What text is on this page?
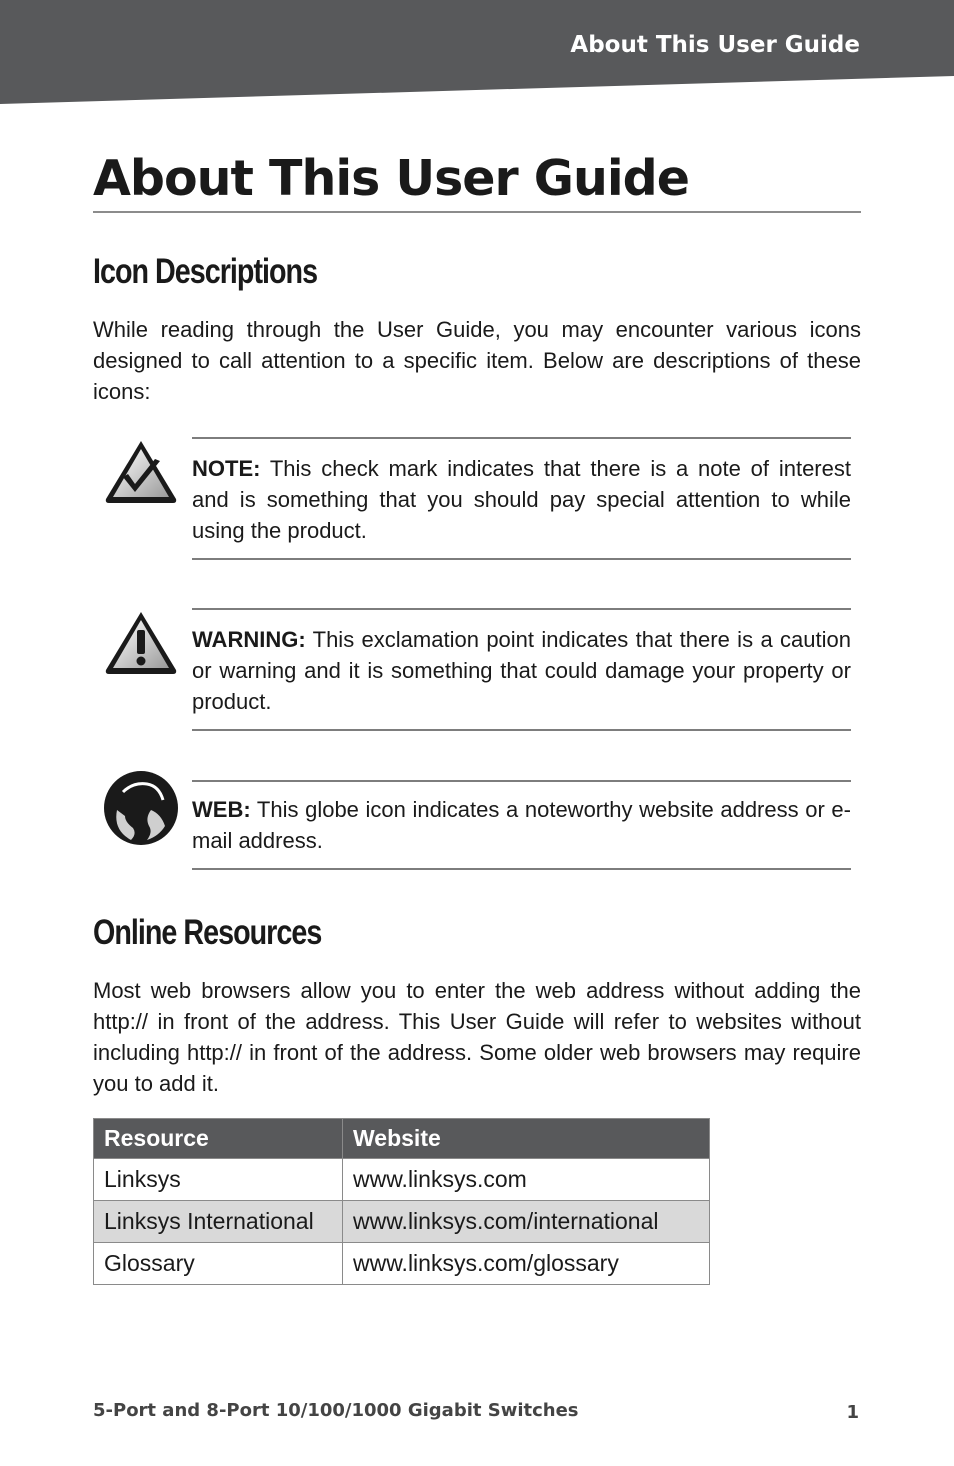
About This User Guide
About This User Guide
Icon Descriptions

While reading through the User Guide, you may encounter various icons designed to call attention to a specific item. Below are descriptions of these icons:

NOTE: This check mark indicates that there is a note of interest and is something that you should pay special attention to while using the product.

WARNING: This exclamation point indicates that there is a caution or warning and it is something that could damage your property or product.

WEB: This globe icon indicates a noteworthy website address or e-mail address.

Online Resources

Most web browsers allow you to enter the web address without adding the http:// in front of the address. This User Guide will refer to websites without including http:// in front of the address. Some older web browsers may require you to add it.

Resource	Website
Linksys	www.linksys.com
Linksys International	www.linksys.com/international
Glossary	www.linksys.com/glossary
5-Port and 8-Port 10/100/1000 Gigabit Switches	1
